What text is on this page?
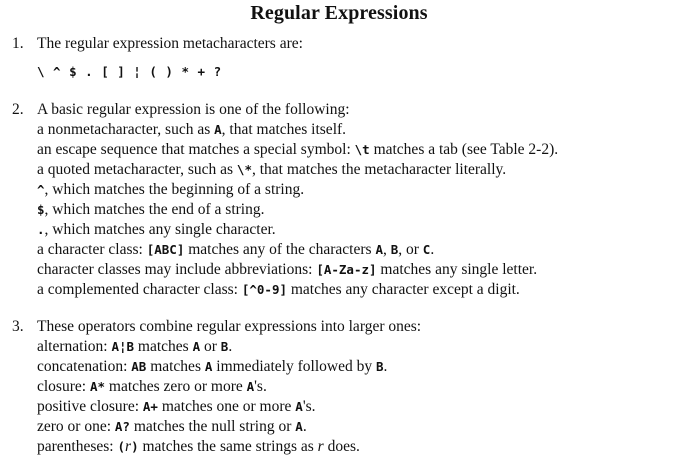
Regular Expressions
1. The regular expression metacharacters are:
\ ^ $ . [ ] ¦ ( ) * + ?
2. A basic regular expression is one of the following:
a nonmetacharacter, such as A, that matches itself.
an escape sequence that matches a special symbol: \t matches a tab (see Table 2-2).
a quoted metacharacter, such as \*, that matches the metacharacter literally.
^, which matches the beginning of a string.
$, which matches the end of a string.
., which matches any single character.
a character class: [ABC] matches any of the characters A, B, or C.
character classes may include abbreviations: [A-Za-z] matches any single letter.
a complemented character class: [^0-9] matches any character except a digit.
3. These operators combine regular expressions into larger ones:
alternation: A¦B matches A or B.
concatenation: AB matches A immediately followed by B.
closure: A* matches zero or more A's.
positive closure: A+ matches one or more A's.
zero or one: A? matches the null string or A.
parentheses: (r) matches the same strings as r does.
